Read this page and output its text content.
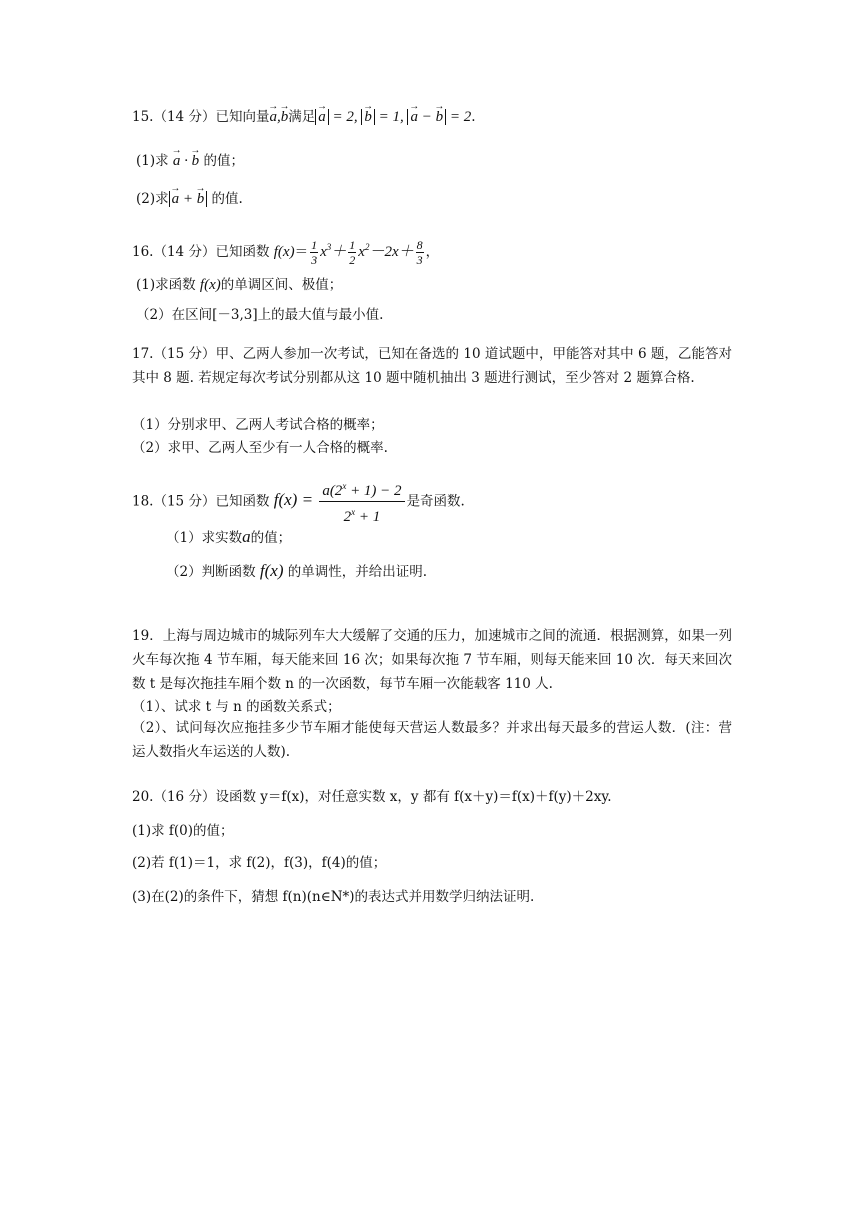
15.（14 分）已知向量→ a,→ b满足 → a = 2, → b = 1, → a − → b = 2.
(1)求 → a · → b 的值；
(2)求 → a + → b 的值.
16.（14 分）已知函数 $f(x)= \frac{1}{3} x^3+ \frac{1}{2} x^2-2x+ \frac{8}{3}$ ，
(1)求函数 f(x)的单调区间、极值；
（2）在区间[－3,3]上的最大值与最小值.
17.（15 分）甲、乙两人参加一次考试，已知在备选的 10 道试题中，甲能答对其中 6 题，乙能答对其中 8 题. 若规定每次考试分别都从这 10 题中随机抽出 3 题进行测试，至少答对 2 题算合格.
（1）分别求甲、乙两人考试合格的概率；
（2）求甲、乙两人至少有一人合格的概率.
18.（15 分）已知函数 $f(x) = \frac{a(2^x + 1) - 2}{2^x + 1}$ 是奇函数.
（1）求实数a的值；
（2）判断函数 f(x) 的单调性，并给出证明.
19．上海与周边城市的城际列车大大缓解了交通的压力，加速城市之间的流通．根据测算，如果一列火车每次拖 4 节车厢，每天能来回 16 次；如果每次拖 7 节车厢，则每天能来回 10 次．每天来回次数 t 是每次拖挂车厢个数 n 的一次函数，每节车厢一次能载客 110 人.
（1）、试求 t 与 n 的函数关系式；
（2）、试问每次应拖挂多少节车厢才能使每天营运人数最多？并求出每天最多的营运人数．(注：营运人数指火车运送的人数).
20.（16 分）设函数 y＝f(x)，对任意实数 x，y 都有 f(x＋y)＝f(x)＋f(y)＋2xy.
(1)求 f(0)的值；
(2)若 f(1)＝1，求 f(2)，f(3)，f(4)的值；
(3)在(2)的条件下，猜想 f(n)(n∈N*)的表达式并用数学归纳法证明.
